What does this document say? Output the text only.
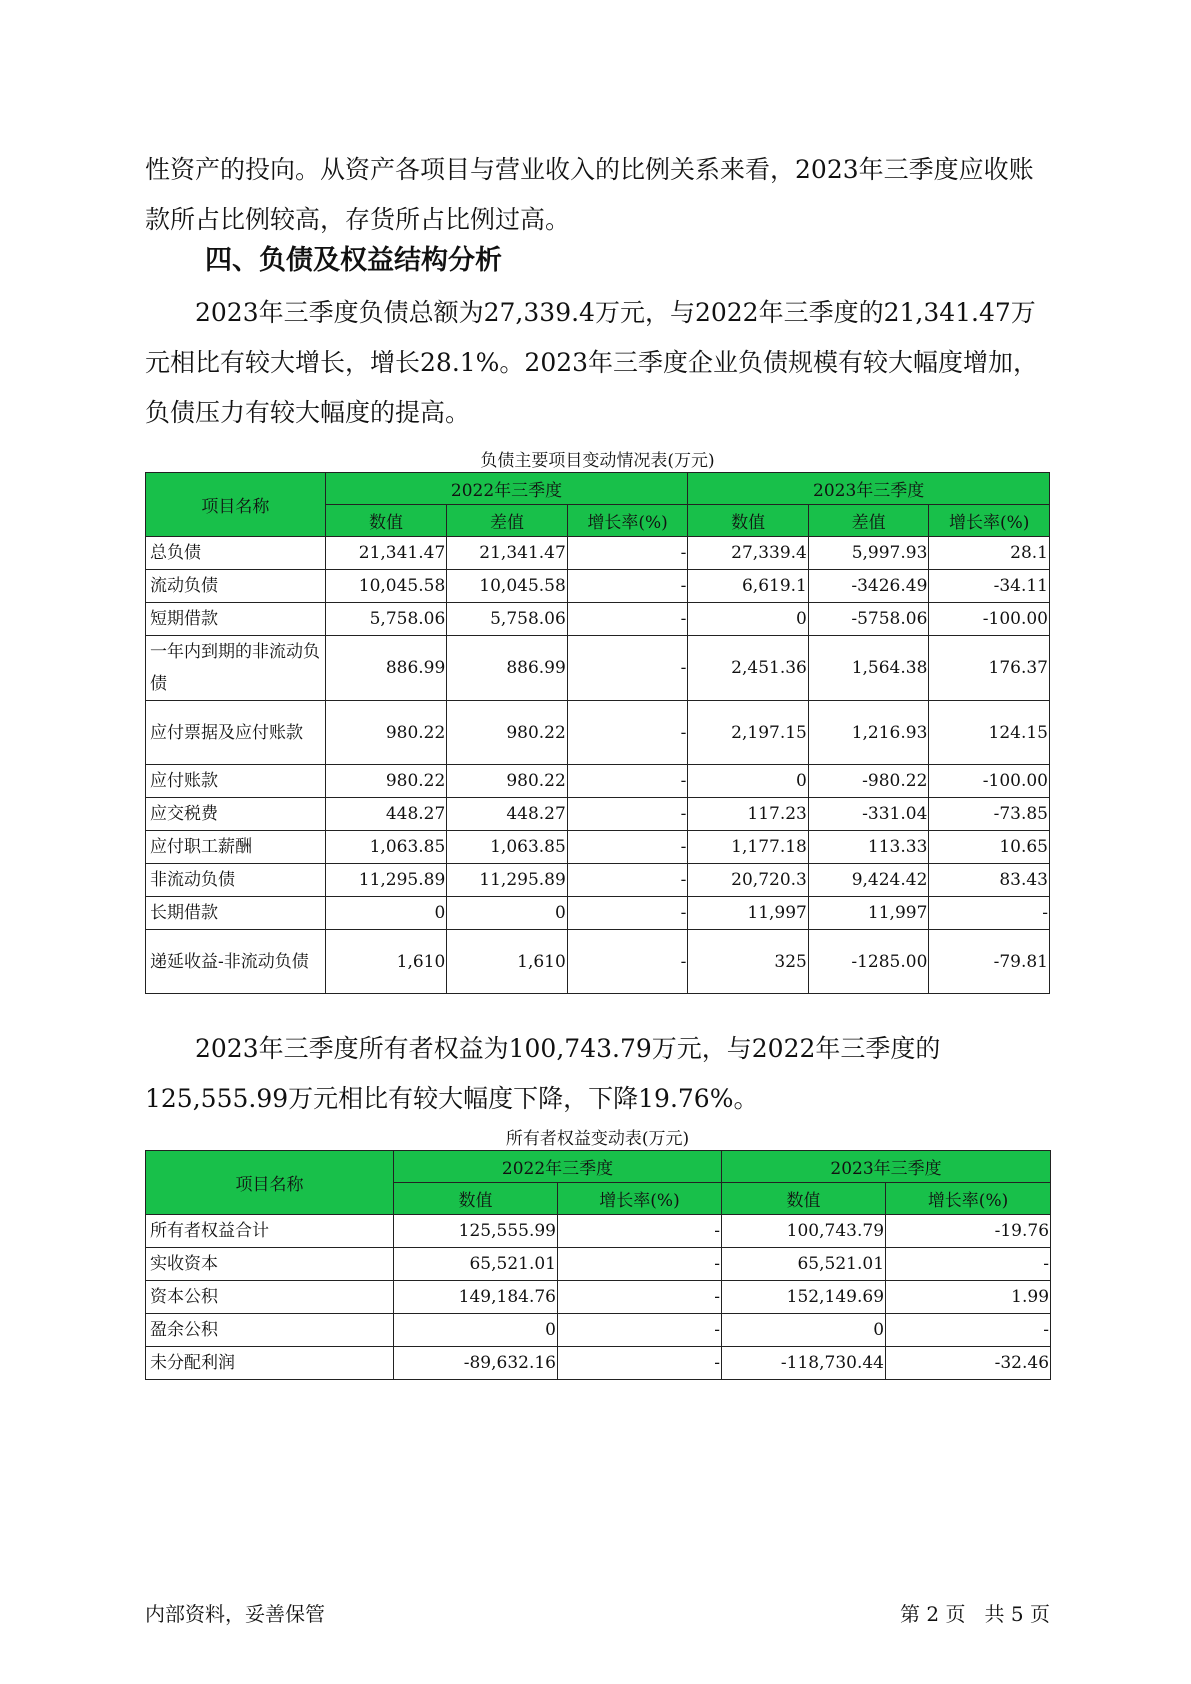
性资产的投向。从资产各项目与营业收入的比例关系来看，2023年三季度应收账款所占比例较高，存货所占比例过高。

四、负债及权益结构分析

2023年三季度负债总额为27,339.4万元，与2022年三季度的21,341.47万元相比有较大增长，增长28.1%。2023年三季度企业负债规模有较大幅度增加，负债压力有较大幅度的提高。

负债主要项目变动情况表(万元)
项目名称	2022年三季度			2023年三季度		
	数值	差值	增长率(%)	数值	差值	增长率(%)
总负债	21,341.47	21,341.47	-	27,339.4	5,997.93	28.1
流动负债	10,045.58	10,045.58	-	6,619.1	-3426.49	-34.11
短期借款	5,758.06	5,758.06	-	0	-5758.06	-100.00
一年内到期的非流动负债	886.99	886.99	-	2,451.36	1,564.38	176.37
应付票据及应付账款	980.22	980.22	-	2,197.15	1,216.93	124.15
应付账款	980.22	980.22	-	0	-980.22	-100.00
应交税费	448.27	448.27	-	117.23	-331.04	-73.85
应付职工薪酬	1,063.85	1,063.85	-	1,177.18	113.33	10.65
非流动负债	11,295.89	11,295.89	-	20,720.3	9,424.42	83.43
长期借款	0	0	-	11,997	11,997	-
递延收益-非流动负债	1,610	1,610	-	325	-1285.00	-79.81

2023年三季度所有者权益为100,743.79万元，与2022年三季度的125,555.99万元相比有较大幅度下降，下降19.76%。

所有者权益变动表(万元)
项目名称	2022年三季度		2023年三季度	
	数值	增长率(%)	数值	增长率(%)
所有者权益合计	125,555.99	-	100,743.79	-19.76
实收资本	65,521.01	-	65,521.01	-
资本公积	149,184.76	-	152,149.69	1.99
盈余公积	0	-	0	-
未分配利润	-89,632.16	-	-118,730.44	-32.46
内部资料，妥善保管	第 2 页   共 5 页
